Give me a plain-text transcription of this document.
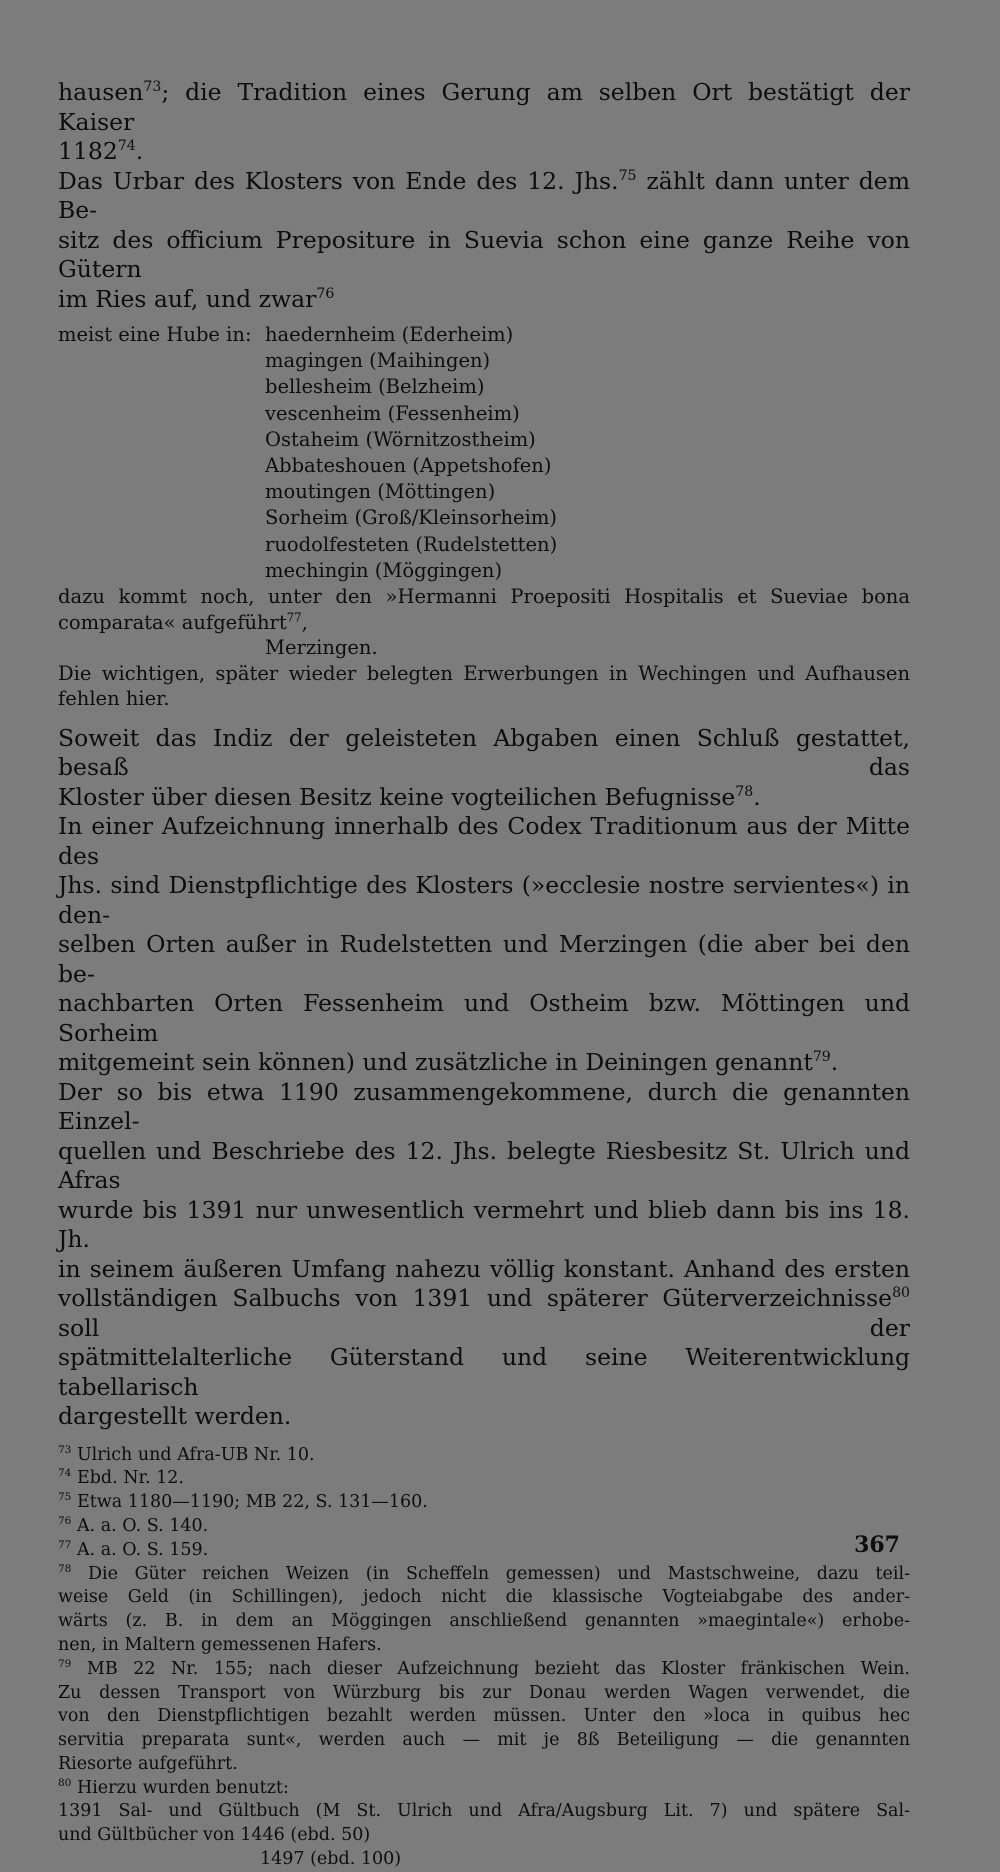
hausen$^{73}$; die Tradition eines Gerung am selben Ort bestätigt der Kaiser
1182$^{74}$.
Das Urbar des Klosters von Ende des 12. Jhs.$^{75}$ zählt dann unter dem Be-
sitz des officium Prepositure in Suevia schon eine ganze Reihe von Gütern
im Ries auf, und zwar$^{76}$
meist eine Hube in: haedernheim (Ederheim)
magingen (Maihingen)
bellesheim (Belzheim)
vescenheim (Fessenheim)
Ostaheim (Wörnitzostheim)
Abbateshouen (Appetshofen)
moutingen (Möttingen)
Sorheim (Groß/Kleinsorheim)
ruodolfesteten (Rudelstetten)
mechingin (Möggingen)
dazu kommt noch, unter den »Hermanni Proepositi Hospitalis et Sueviae bona
comparata« aufgeführt$^{77}$,
Merzingen.
Die wichtigen, später wieder belegten Erwerbungen in Wechingen und Aufhausen
fehlen hier.
Soweit das Indiz der geleisteten Abgaben einen Schluß gestattet, besaß das
Kloster über diesen Besitz keine vogteilichen Befugnisse$^{78}$.
In einer Aufzeichnung innerhalb des Codex Traditionum aus der Mitte des
Jhs. sind Dienstpflichtige des Klosters (»ecclesie nostre servientes«) in den-
selben Orten außer in Rudelstetten und Merzingen (die aber bei den be-
nachbarten Orten Fessenheim und Ostheim bzw. Möttingen und Sorheim
mitgemeint sein können) und zusätzliche in Deiningen genannt$^{79}$.
Der so bis etwa 1190 zusammengekommene, durch die genannten Einzel-
quellen und Beschriebe des 12. Jhs. belegte Riesbesitz St. Ulrich und Afras
wurde bis 1391 nur unwesentlich vermehrt und blieb dann bis ins 18. Jh.
in seinem äußeren Umfang nahezu völlig konstant. Anhand des ersten
vollständigen Salbuchs von 1391 und späterer Güterverzeichnisse$^{80}$ soll der
spätmittelalterliche Güterstand und seine Weiterentwicklung tabellarisch
dargestellt werden.
$^{73}$ Ulrich und Afra-UB Nr. 10.
$^{74}$ Ebd. Nr. 12.
$^{75}$ Etwa 1180—1190; MB 22, S. 131—160.
$^{76}$ A. a. O. S. 140.
$^{77}$ A. a. O. S. 159.
$^{78}$ Die Güter reichen Weizen (in Scheffeln gemessen) und Mastschweine, dazu teil-
weise Geld (in Schillingen), jedoch nicht die klassische Vogteiabgabe des ander-
wärts (z. B. in dem an Möggingen anschließend genannten »maegintale«) erhobe-
nen, in Maltern gemessenen Hafers.
$^{79}$ MB 22 Nr. 155; nach dieser Aufzeichnung bezieht das Kloster fränkischen Wein.
Zu dessen Transport von Würzburg bis zur Donau werden Wagen verwendet, die
von den Dienstpflichtigen bezahlt werden müssen. Unter den »loca in quibus hec
servitia preparata sunt«, werden auch — mit je 8ß Beteiligung — die genannten
Riesorte aufgeführt.
$^{80}$ Hierzu wurden benutzt:
1391 Sal- und Gültbuch (M St. Ulrich und Afra/Augsburg Lit. 7) und spätere Sal-
und Gültbücher von 1446 (ebd. 50)
1497 (ebd. 100)
367
